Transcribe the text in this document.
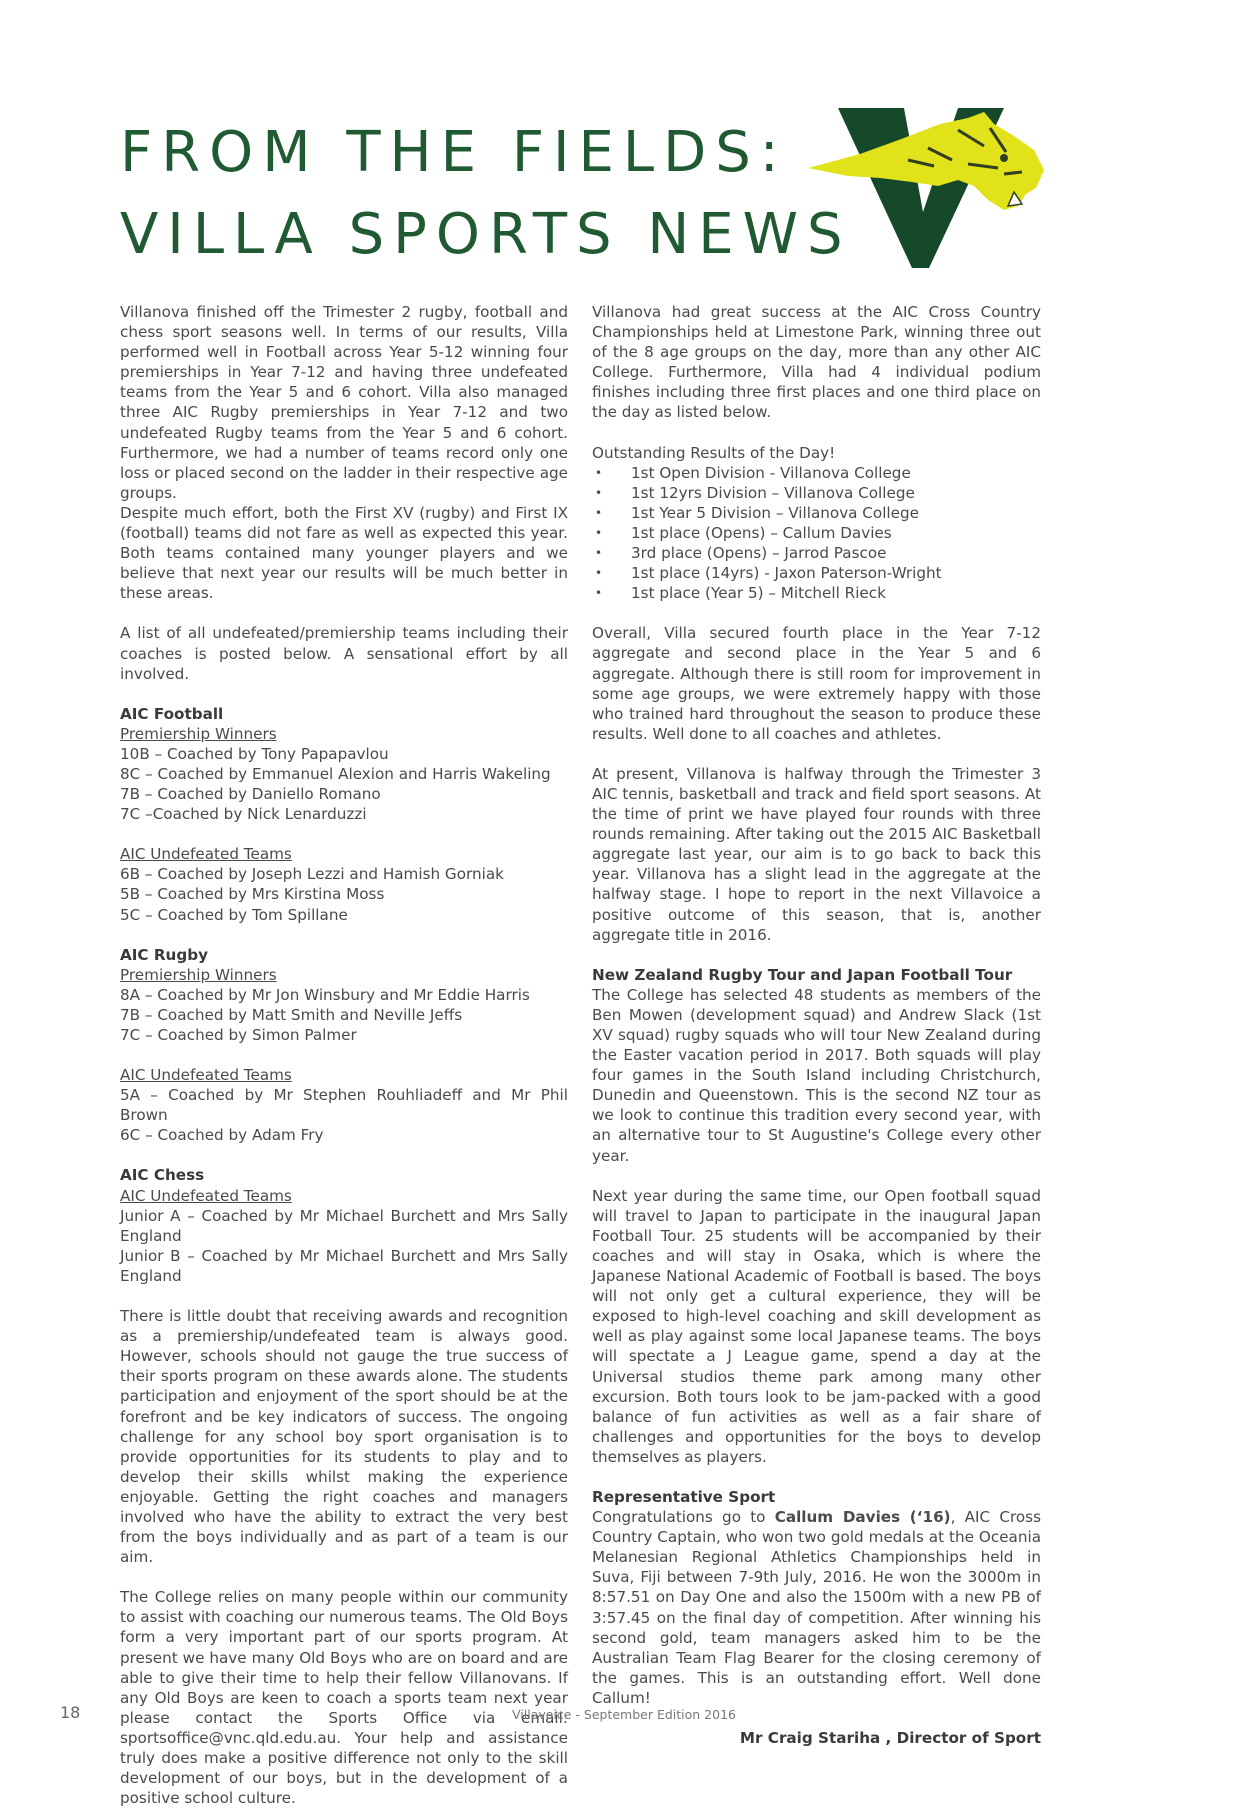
FROM THE FIELDS:
VILLA SPORTS NEWS

Villanova finished off the Trimester 2 rugby, football and chess sport seasons well. In terms of our results, Villa performed well in Football across Year 5-12 winning four premierships in Year 7-12 and having three undefeated teams from the Year 5 and 6 cohort. Villa also managed three AIC Rugby premierships in Year 7-12 and two undefeated Rugby teams from the Year 5 and 6 cohort. Furthermore, we had a number of teams record only one loss or placed second on the ladder in their respective age groups.

Despite much effort, both the First XV (rugby) and First IX (football) teams did not fare as well as expected this year. Both teams contained many younger players and we believe that next year our results will be much better in these areas.

A list of all undefeated/premiership teams including their coaches is posted below. A sensational effort by all involved.

AIC Football

Premiership Winners

10B – Coached by Tony Papapavlou

8C – Coached by Emmanuel Alexion and Harris Wakeling

7B – Coached by Daniello Romano

7C –Coached by Nick Lenarduzzi

AIC Undefeated Teams

6B – Coached by Joseph Lezzi and Hamish Gorniak

5B – Coached by Mrs Kirstina Moss

5C – Coached by Tom Spillane

AIC Rugby

Premiership Winners

8A – Coached by Mr Jon Winsbury and Mr Eddie Harris

7B – Coached by Matt Smith and Neville Jeffs

7C – Coached by Simon Palmer

AIC Undefeated Teams

5A – Coached by Mr Stephen Rouhliadeff and Mr Phil Brown

6C – Coached by Adam Fry

AIC Chess

AIC Undefeated Teams

Junior A – Coached by Mr Michael Burchett and Mrs Sally England

Junior B – Coached by Mr Michael Burchett and Mrs Sally England

There is little doubt that receiving awards and recognition as a premiership/undefeated team is always good. However, schools should not gauge the true success of their sports program on these awards alone. The students participation and enjoyment of the sport should be at the forefront and be key indicators of success. The ongoing challenge for any school boy sport organisation is to provide opportunities for its students to play and to develop their skills whilst making the experience enjoyable. Getting the right coaches and managers involved who have the ability to extract the very best from the boys individually and as part of a team is our aim.

The College relies on many people within our community to assist with coaching our numerous teams. The Old Boys form a very important part of our sports program. At present we have many Old Boys who are on board and are able to give their time to help their fellow Villanovans. If any Old Boys are keen to coach a sports team next year please contact the Sports Office via email: sportsoffice@vnc.qld.edu.au. Your help and assistance truly does make a positive difference not only to the skill development of our boys, but in the development of a positive school culture.

Villanova had great success at the AIC Cross Country Championships held at Limestone Park, winning three out of the 8 age groups on the day, more than any other AIC College. Furthermore, Villa had 4 individual podium finishes including three first places and one third place on the day as listed below.

Outstanding Results of the Day!

• 1st Open Division - Villanova College
• 1st 12yrs Division – Villanova College
• 1st Year 5 Division – Villanova College
• 1st place (Opens) – Callum Davies
• 3rd place (Opens) – Jarrod Pascoe
• 1st place (14yrs) - Jaxon Paterson-Wright
• 1st place (Year 5) – Mitchell Rieck

Overall, Villa secured fourth place in the Year 7-12 aggregate and second place in the Year 5 and 6 aggregate. Although there is still room for improvement in some age groups, we were extremely happy with those who trained hard throughout the season to produce these results. Well done to all coaches and athletes.

At present, Villanova is halfway through the Trimester 3 AIC tennis, basketball and track and field sport seasons. At the time of print we have played four rounds with three rounds remaining. After taking out the 2015 AIC Basketball aggregate last year, our aim is to go back to back this year. Villanova has a slight lead in the aggregate at the halfway stage. I hope to report in the next Villavoice a positive outcome of this season, that is, another aggregate title in 2016.

New Zealand Rugby Tour and Japan Football Tour

The College has selected 48 students as members of the Ben Mowen (development squad) and Andrew Slack (1st XV squad) rugby squads who will tour New Zealand during the Easter vacation period in 2017. Both squads will play four games in the South Island including Christchurch, Dunedin and Queenstown. This is the second NZ tour as we look to continue this tradition every second year, with an alternative tour to St Augustine's College every other year.

Next year during the same time, our Open football squad will travel to Japan to participate in the inaugural Japan Football Tour. 25 students will be accompanied by their coaches and will stay in Osaka, which is where the Japanese National Academic of Football is based. The boys will not only get a cultural experience, they will be exposed to high-level coaching and skill development as well as play against some local Japanese teams. The boys will spectate a J League game, spend a day at the Universal studios theme park among many other excursion. Both tours look to be jam-packed with a good balance of fun activities as well as a fair share of challenges and opportunities for the boys to develop themselves as players.

Representative Sport

Congratulations go to Callum Davies (‘16), AIC Cross Country Captain, who won two gold medals at the Oceania Melanesian Regional Athletics Championships held in Suva, Fiji between 7-9th July, 2016. He won the 3000m in 8:57.51 on Day One and also the 1500m with a new PB of 3:57.45 on the final day of competition. After winning his second gold, team managers asked him to be the Australian Team Flag Bearer for the closing ceremony of the games. This is an outstanding effort. Well done Callum!

Mr Craig Stariha , Director of Sport

18	Villavoice - September Edition 2016
